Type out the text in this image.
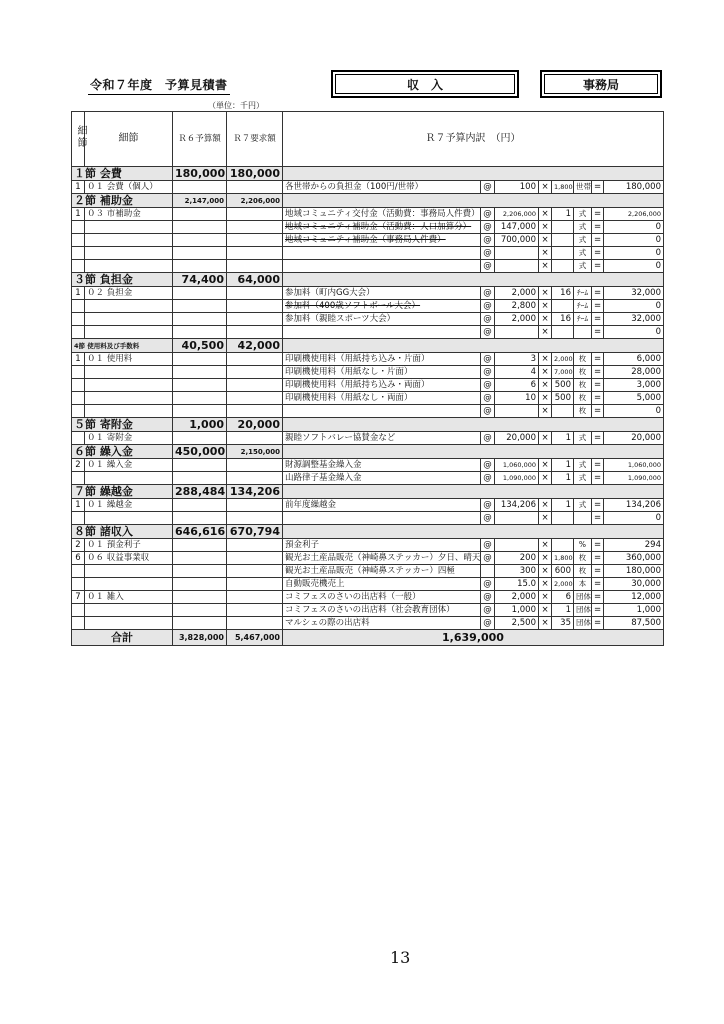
令和７年度　予算見積書	収　入	事務局
（単位：千円）
細節	細節	Ｒ６予算額	Ｒ７要求額	Ｒ７予算内訳　（円）							
１節 会費		180,000	180,000								
1	０１ 会費（個人）			各世帯からの負担金（100円/世帯）	@	100	×	1,800	世帯	=	180,000
２節 補助金		2,147,000	2,206,000								
1	０３ 市補助金			地域コミュニティ交付金（活動費：事務局人件費）	@	2,206,000	×	1	式	=	2,206,000
				地域コミュニティ補助金（活動費：人口加算分）	@	147,000	×		式	=	0
				地域コミュニティ補助金（事務局人件費）	@	700,000	×		式	=	0
					@		×		式	=	0
					@		×		式	=	0
３節 負担金		74,400	64,000								
1	０２ 負担金			参加料（町内GG大会）	@	2,000	×	16	ﾁｰﾑ	=	32,000
				参加料（400歳ソフトボール大会）	@	2,800	×		ﾁｰﾑ	=	0
				参加料（親睦スポーツ大会）	@	2,000	×	16	ﾁｰﾑ	=	32,000
					@		×			=	0
4節 使用料及び手数料		40,500	42,000								
1	０１ 使用料			印刷機使用料（用紙持ち込み・片面）	@	3	×	2,000	枚	=	6,000
				印刷機使用料（用紙なし・片面）	@	4	×	7,000	枚	=	28,000
				印刷機使用料（用紙持ち込み・両面）	@	6	×	500	枚	=	3,000
				印刷機使用料（用紙なし・両面）	@	10	×	500	枚	=	5,000
					@		×		枚	=	0
５節 寄附金		1,000	20,000								
	０１ 寄附金			親睦ソフトバレー協賛金など	@	20,000	×	1	式	=	20,000
６節 繰入金		450,000	2,150,000								
2	０１ 繰入金			財源調整基金繰入金	@	1,060,000	×	1	式	=	1,060,000
				山路律子基金繰入金	@	1,090,000	×	1	式	=	1,090,000
７節 繰越金		288,484	134,206								
1	０１ 繰越金			前年度繰越金	@	134,206	×	1	式	=	134,206
					@		×			=	0
８節 諸収入		646,616	670,794								
2	０１ 預金利子			預金利子	@		×		%	=	294
6	０６ 収益事業収			観光お土産品販売（神崎鼻ステッカー）夕日、晴天	@	200	×	1,800	枚	=	360,000
				観光お土産品販売（神崎鼻ステッカー）四極		300	×	600	枚	=	180,000
				自動販売機売上	@	15.0	×	2,000	本	=	30,000
7	０１ 雑入			コミフェスのさいの出店料（一般）	@	2,000	×	6	団体	=	12,000
				コミフェスのさいの出店料（社会教育団体）	@	1,000	×	1	団体	=	1,000
				マルシェの際の出店料	@	2,500	×	35	団体	=	87,500
合計		3,828,000	5,467,000	1,639,000							
13
